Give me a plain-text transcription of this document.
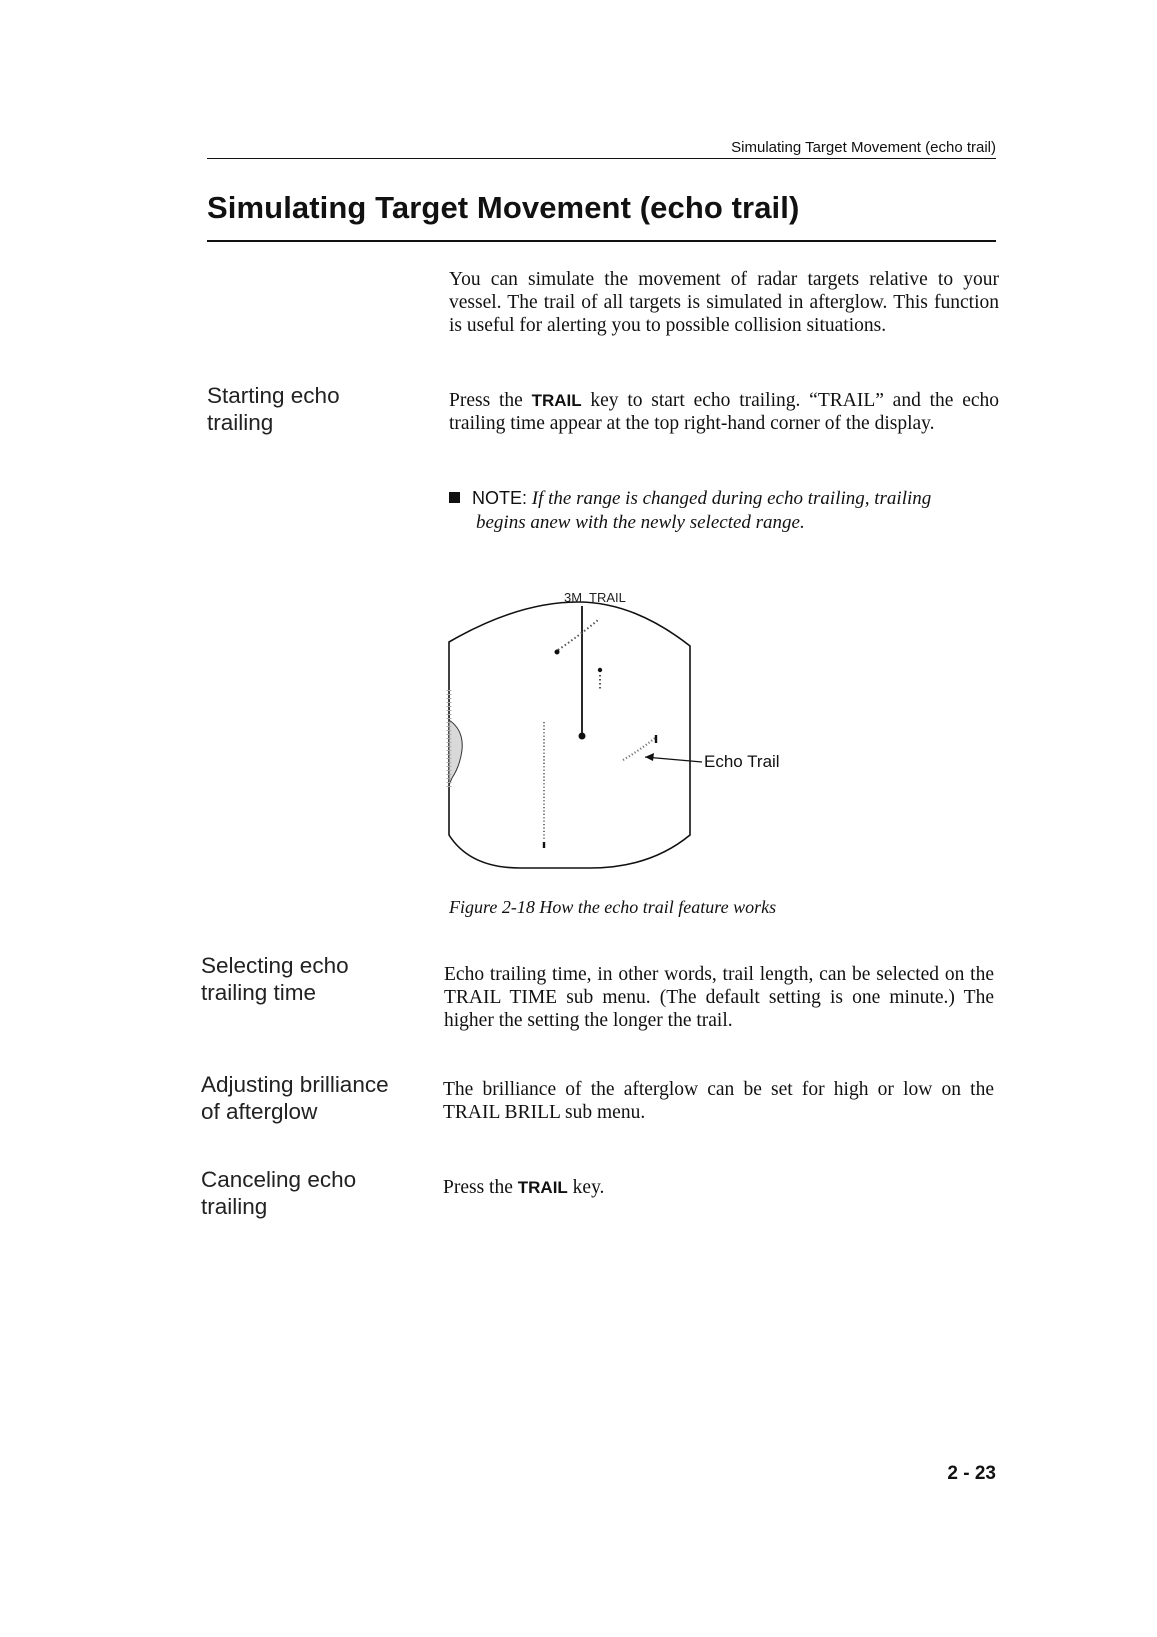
Simulating Target Movement (echo trail)
Simulating Target Movement (echo trail)
You can simulate the movement of radar targets relative to your vessel. The trail of all targets is simulated in afterglow. This function is useful for alerting you to possible collision situations.
Starting echo
trailing
Press the TRAIL key to start echo trailing. “TRAIL” and the echo trailing time appear at the top right-hand corner of the display.
NOTE: If the range is changed during echo trailing, trailing
begins anew with the newly selected range.
3M  TRAIL
Echo Trail
Figure 2-18 How the echo trail feature works
Selecting echo
trailing time
Echo trailing time, in other words, trail length, can be selected on the TRAIL TIME sub menu. (The default setting is one minute.) The higher the setting the longer the trail.
Adjusting brilliance
of afterglow
The brilliance of the afterglow can be set for high or low on the TRAIL BRILL sub menu.
Canceling echo
trailing
Press the TRAIL key.
2 - 23
